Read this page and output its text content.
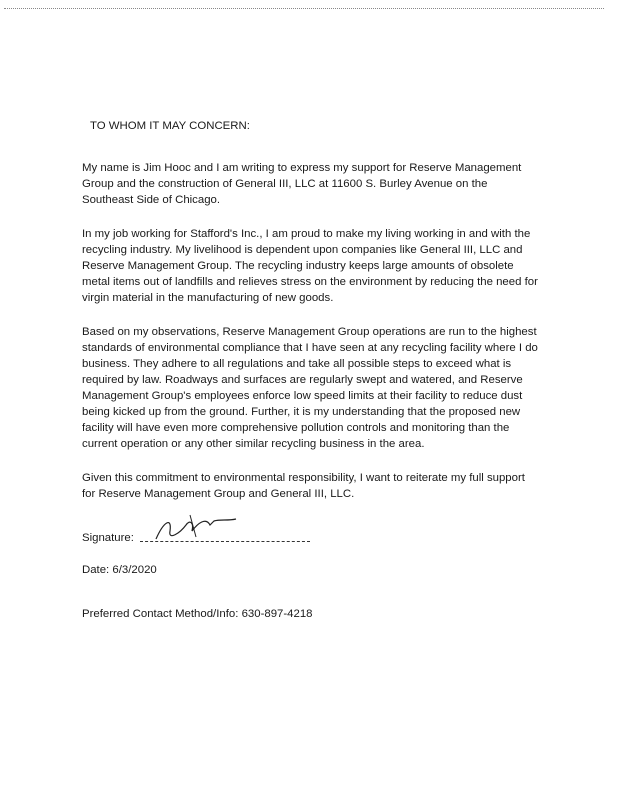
TO WHOM IT MAY CONCERN:

My name is Jim Hooc and I am writing to express my support for Reserve Management Group and the construction of General III, LLC at 11600 S. Burley Avenue on the Southeast Side of Chicago.

In my job working for Stafford's Inc., I am proud to make my living working in and with the recycling industry. My livelihood is dependent upon companies like General III, LLC and Reserve Management Group. The recycling industry keeps large amounts of obsolete metal items out of landfills and relieves stress on the environment by reducing the need for virgin material in the manufacturing of new goods.

Based on my observations, Reserve Management Group operations are run to the highest standards of environmental compliance that I have seen at any recycling facility where I do business. They adhere to all regulations and take all possible steps to exceed what is required by law. Roadways and surfaces are regularly swept and watered, and Reserve Management Group's employees enforce low speed limits at their facility to reduce dust being kicked up from the ground. Further, it is my understanding that the proposed new facility will have even more comprehensive pollution controls and monitoring than the current operation or any other similar recycling business in the area.

Given this commitment to environmental responsibility, I want to reiterate my full support for Reserve Management Group and General III, LLC.

Signature:
Date: 6/3/2020
Preferred Contact Method/Info: 630-897-4218
